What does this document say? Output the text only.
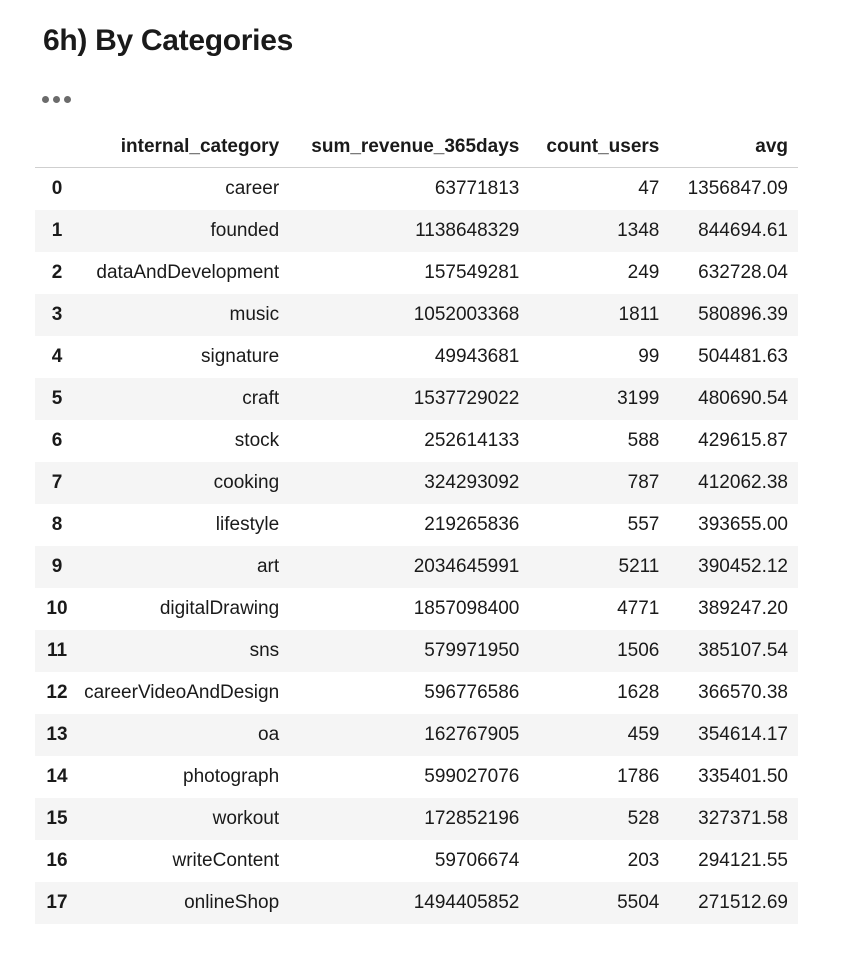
6h) By Categories
	internal_category	sum_revenue_365days	count_users	avg
0	career	63771813	47	1356847.09
1	founded	1138648329	1348	844694.61
2	dataAndDevelopment	157549281	249	632728.04
3	music	1052003368	1811	580896.39
4	signature	49943681	99	504481.63
5	craft	1537729022	3199	480690.54
6	stock	252614133	588	429615.87
7	cooking	324293092	787	412062.38
8	lifestyle	219265836	557	393655.00
9	art	2034645991	5211	390452.12
10	digitalDrawing	1857098400	4771	389247.20
11	sns	579971950	1506	385107.54
12	careerVideoAndDesign	596776586	1628	366570.38
13	oa	162767905	459	354614.17
14	photograph	599027076	1786	335401.50
15	workout	172852196	528	327371.58
16	writeContent	59706674	203	294121.55
17	onlineShop	1494405852	5504	271512.69
